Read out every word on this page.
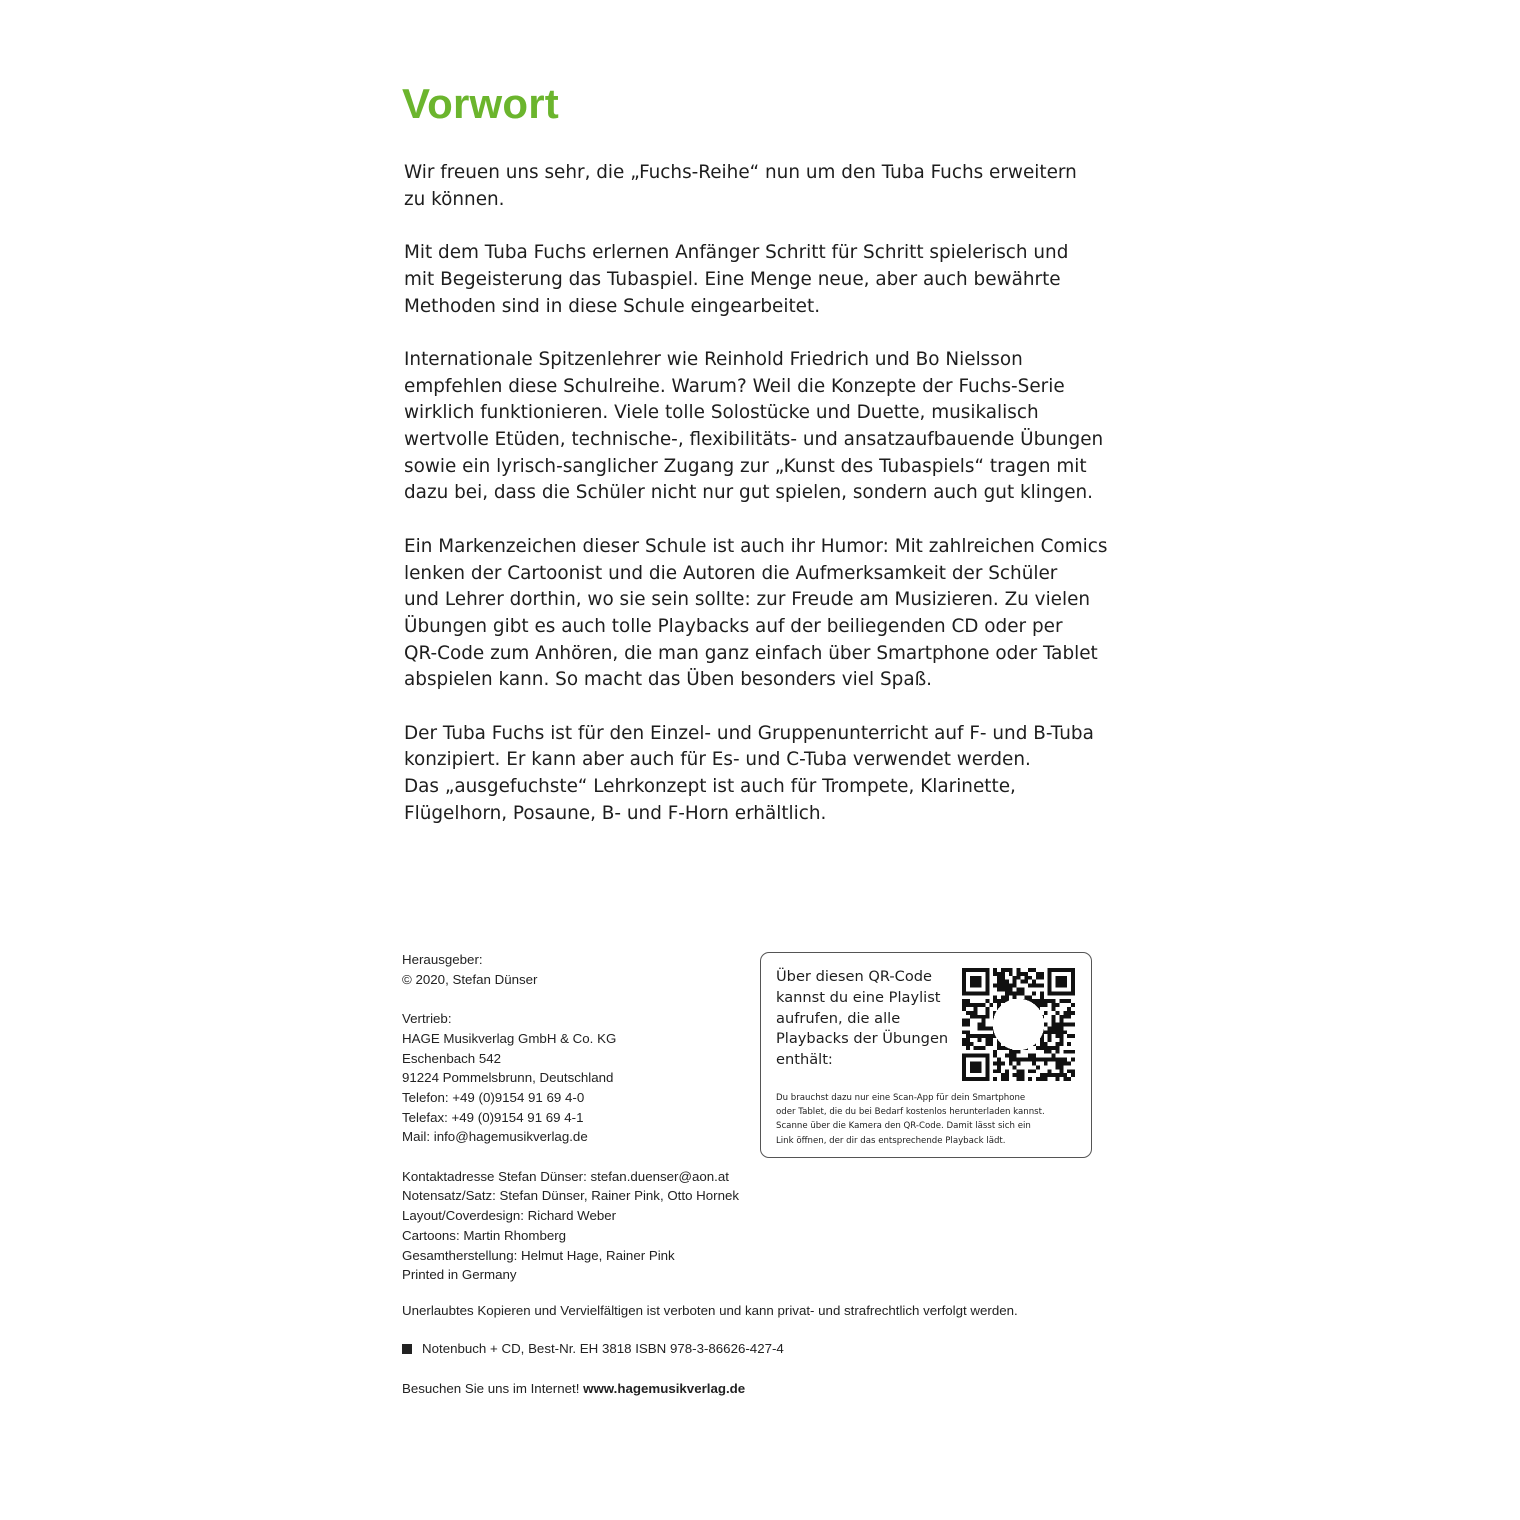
Vorwort

Wir freuen uns sehr, die „Fuchs-Reihe“ nun um den Tuba Fuchs erweitern
zu können.

Mit dem Tuba Fuchs erlernen Anfänger Schritt für Schritt spielerisch und
mit Begeisterung das Tubaspiel. Eine Menge neue, aber auch bewährte
Methoden sind in diese Schule eingearbeitet.

Internationale Spitzenlehrer wie Reinhold Friedrich und Bo Nielsson
empfehlen diese Schulreihe. Warum? Weil die Konzepte der Fuchs-Serie
wirklich funktionieren. Viele tolle Solostücke und Duette, musikalisch
wertvolle Etüden, technische-, flexibilitäts- und ansatzaufbauende Übungen
sowie ein lyrisch-sanglicher Zugang zur „Kunst des Tubaspiels“ tragen mit
dazu bei, dass die Schüler nicht nur gut spielen, sondern auch gut klingen.

Ein Markenzeichen dieser Schule ist auch ihr Humor: Mit zahlreichen Comics
lenken der Cartoonist und die Autoren die Aufmerksamkeit der Schüler
und Lehrer dorthin, wo sie sein sollte: zur Freude am Musizieren. Zu vielen
Übungen gibt es auch tolle Playbacks auf der beiliegenden CD oder per
QR-Code zum Anhören, die man ganz einfach über Smartphone oder Tablet
abspielen kann. So macht das Üben besonders viel Spaß.

Der Tuba Fuchs ist für den Einzel- und Gruppenunterricht auf F- und B-Tuba
konzipiert. Er kann aber auch für Es- und C-Tuba verwendet werden.
Das „ausgefuchste“ Lehrkonzept ist auch für Trompete, Klarinette,
Flügelhorn, Posaune, B- und F-Horn erhältlich.

Herausgeber:
© 2020, Stefan Dünser
Vertrieb:
HAGE Musikverlag GmbH & Co. KG
Eschenbach 542
91224 Pommelsbrunn, Deutschland
Telefon: +49 (0)9154 91 69 4-0
Telefax: +49 (0)9154 91 69 4-1
Mail: info@hagemusikverlag.de
Kontaktadresse Stefan Dünser: stefan.duenser@aon.at
Notensatz/Satz: Stefan Dünser, Rainer Pink, Otto Hornek
Layout/Coverdesign: Richard Weber
Cartoons: Martin Rhomberg
Gesamtherstellung: Helmut Hage, Rainer Pink
Printed in Germany
Über diesen QR-Code
kannst du eine Playlist
aufrufen, die alle
Playbacks der Übungen
enthält:
Du brauchst dazu nur eine Scan-App für dein Smartphone
oder Tablet, die du bei Bedarf kostenlos herunterladen kannst.
Scanne über die Kamera den QR-Code. Damit lässt sich ein
Link öffnen, der dir das entsprechende Playback lädt.
Unerlaubtes Kopieren und Vervielfältigen ist verboten und kann privat- und strafrechtlich verfolgt werden.
Notenbuch + CD, Best-Nr. EH 3818 ISBN 978-3-86626-427-4
Besuchen Sie uns im Internet! www.hagemusikverlag.de
